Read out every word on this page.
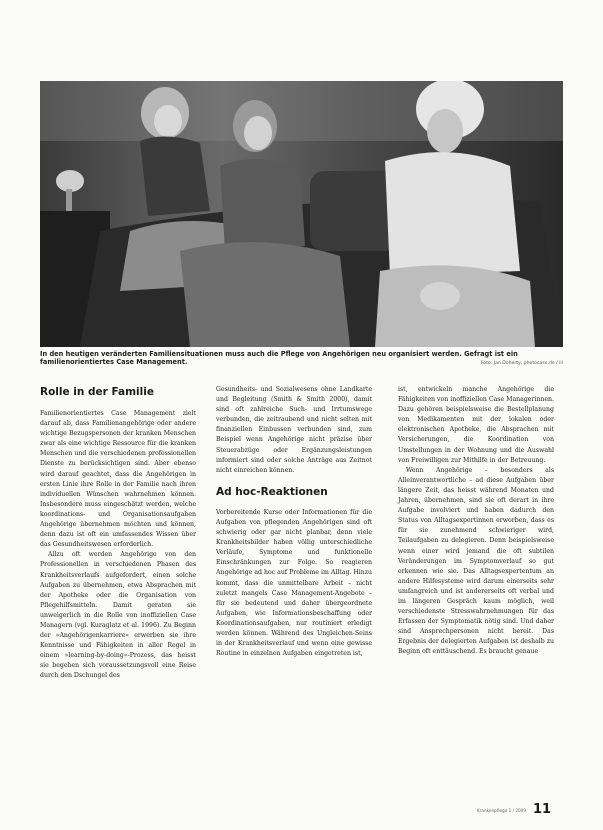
In den heutigen veränderten Familiensituationen muss auch die Pflege von Angehörigen neu organisiert werden. Gefragt ist ein familienorientiertes Case Management.	Foto: Jan Doherty, photocase.de / ill
Rolle in der Familie

Familienorientiertes Case Management zielt darauf ab, dass Familienangehörige oder andere wichtige Bezugspersonen der kranken Menschen zwar als eine wichtige Ressource für die kranken Menschen und die verschiedenen professionellen Dienste zu berücksichtigen sind. Aber ebenso wird darauf geachtet, dass die Angehörigen in ersten Linie ihre Rolle in der Familie nach ihren individuellen Wünschen wahrnehmen können. Insbesondere muss eingeschätzt werden, welche koordinations- und Organisationsaufgaben Angehörige übernehmen möchten und können, denn dazu ist oft ein umfassendes Wissen über das Gesundheitswesen erforderlich.

Allzu oft werden Angehörige von den Professionellen in verschiedenen Phasen des Krankheitsverlaufs aufgefordert, einen solche Aufgaben zu übernehmen, etwa Absprachen mit der Apotheke oder die Organisation von Pflegehilfsmitteln. Damit geraten sie unweigerlich in die Rolle von inoffiziellen Case Managern (vgl. Kuraglatz et al. 1996). Zu Beginn der »Angehörigenkarriere« erwerben sie ihre Kenntnisse und Fähigkeiten in aller Regel in einem »learning-by-doing«-Prozess, das heisst sie begeben sich voraussetzungsvoll eine Reise durch den Dschungel des

Gesundheits- und Sozialwesens ohne Landkarte und Begleitung (Smith & Smith 2000), damit sind oft zahlreiche Such- und Irrtumswege verbunden, die zeitraubend und nicht selten mit finanziellen Einbussen verbunden sind, zum Beispiel wenn Angehörige nicht präzise über Steuerabzüge oder Ergänzungsleistungen informiert sind oder solche Anträge aus Zeitnot nicht einreichen können.

Ad hoc-Reaktionen

Vorbereitende Kurse oder Informationen für die Aufgaben von pflegenden Angehörigen sind oft schwierig oder gar nicht planbar, denn viele Krankheitsbilder haben völlig unterschiedliche Verläufe, Symptome und funktionelle Einschränkungen zur Folge. So reagieren Angehörige ad hoc auf Probleme im Alltag. Hinzu kommt, dass die unmittelbare Arbeit – nicht zuletzt mangels Case Management-Angebote – für sie bedeutend und daher übergeordnete Aufgaben, wie Informationsbeschaffung oder Koordinationsaufgaben, nur routiniert erledigt werden können. Während des Ungleichen-Seins in der Krankheitsverlauf und wenn eine gewisse Routine in einzelnen Aufgaben eingetreten ist,

ist, entwickeln manche Angehörige die Fähigkeiten von inoffiziellen Case Managerinnen. Dazu gehören beispielsweise die Bestellplanung von Medikamenten mit der lokalen oder elektronischen Apotheke, die Absprachen mit Versicherungen, die Koordination von Umstellungen in der Wohnung und die Auswahl von Freiwilligen zur Mithilfe in der Betreuung.

Wenn Angehörige – besonders als Alleinverantwortliche – ad diese Aufgaben über längere Zeit, das heisst während Monaten und Jahren, übernehmen, sind sie oft derart in ihre Aufgabe involviert und haben dadurch den Status von Alltagsexpertinnen erworben, dass es für sie zunehmend schwieriger wird, Teilaufgaben zu delegieren. Denn beispielsweise wenn einer wird jemand die oft subtilen Veränderungen im Symptomverlauf so gut erkennen wie sie. Das Alltagsexpertentum an andere Hilfesysteme wird darum einerseits sehr umfangreich und ist andererseits oft verbal und im längeren Gespräch kaum möglich, weil verschiedenste Stresswahrnehmungen für das Erfassen der Symptomatik nötig sind. Und daher sind Ansprechpersonen nicht bereit. Das Ergebnis der delegierten Aufgaben ist deshalb zu Beginn oft enttäuschend. Es braucht genaue

Krankenpflege 1 / 2009 11
